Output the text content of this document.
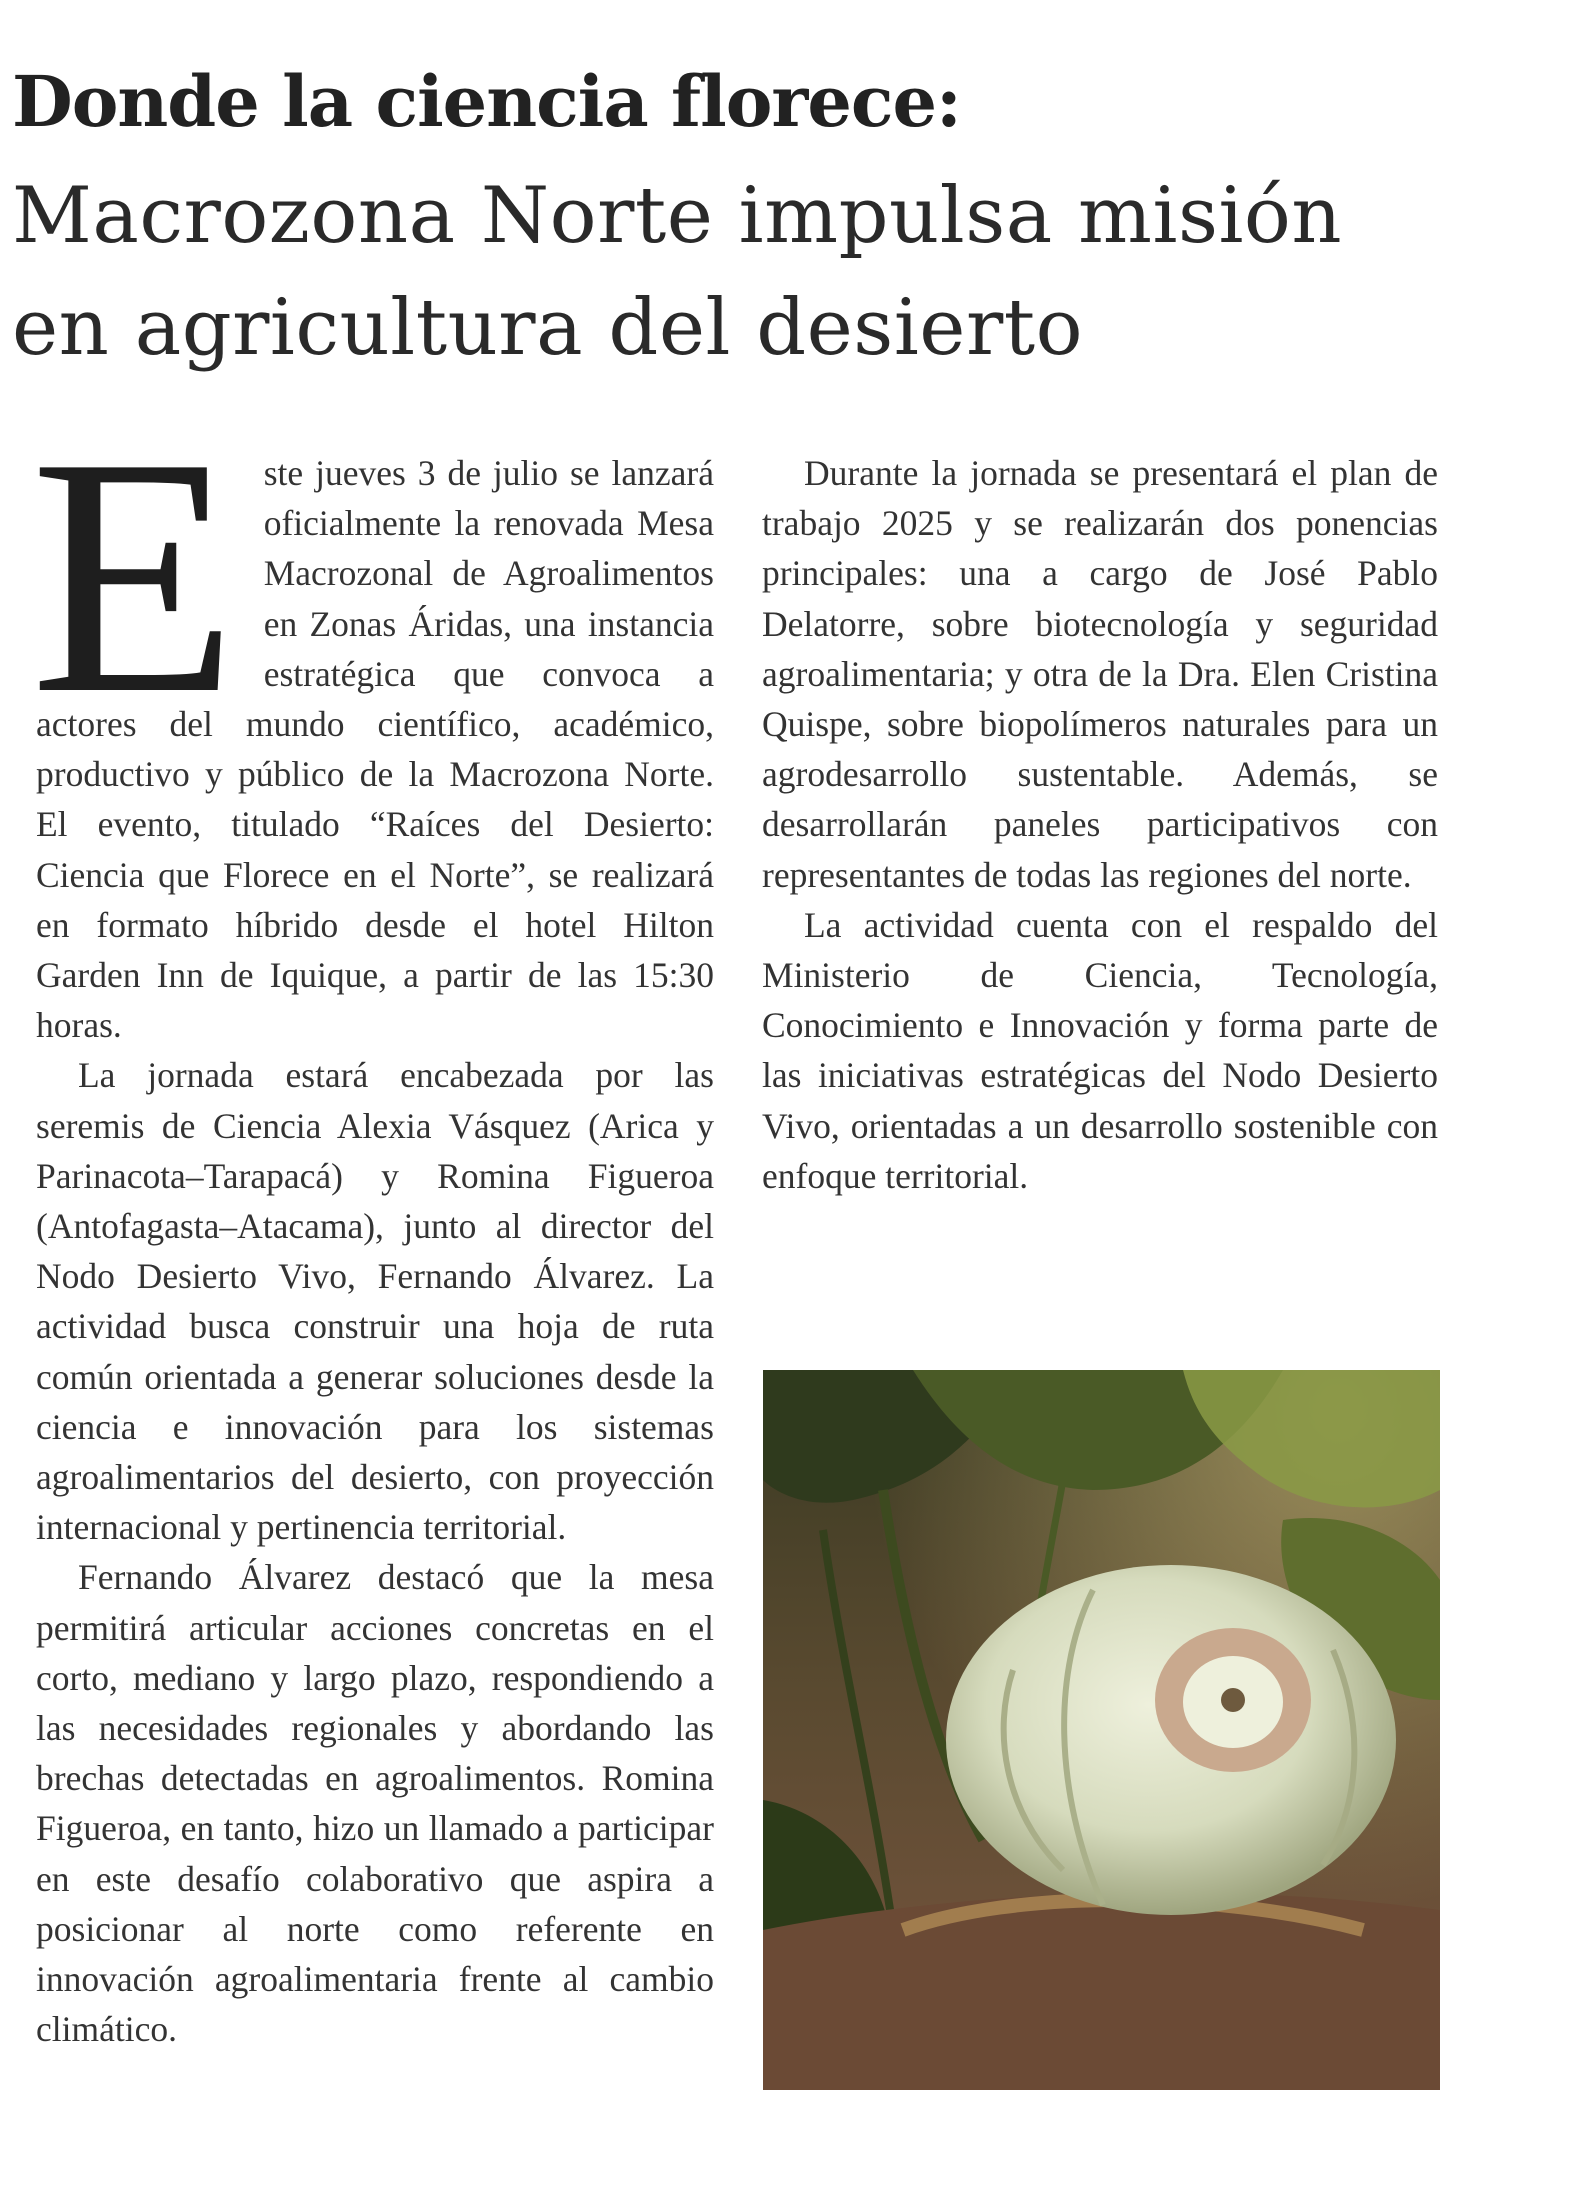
Donde la ciencia florece:
Macrozona Norte impulsa misión
en agricultura del desierto

Este jueves 3 de julio se lanzará oficialmente la renovada Mesa Macrozonal de Agroalimentos en Zonas Áridas, una instancia estratégica que convoca a actores del mundo científico, académico, productivo y público de la Macrozona Norte. El evento, titulado “Raíces del Desierto: Ciencia que Florece en el Norte”, se realizará en formato híbrido desde el hotel Hilton Garden Inn de Iquique, a partir de las 15:30 horas.

La jornada estará encabezada por las seremis de Ciencia Alexia Vásquez (Arica y Parinacota–Tarapacá) y Romina Figueroa (Antofagasta–Atacama), junto al director del Nodo Desierto Vivo, Fernando Álvarez. La actividad busca construir una hoja de ruta común orientada a generar soluciones desde la ciencia e innovación para los sistemas agroalimentarios del desierto, con proyección internacional y pertinencia territorial.

Fernando Álvarez destacó que la mesa permitirá articular acciones concretas en el corto, mediano y largo plazo, respondiendo a las necesidades regionales y abordando las brechas detectadas en agroalimentos. Romina Figueroa, en tanto, hizo un llamado a participar en este desafío colaborativo que aspira a posicionar al norte como referente en innovación agroalimentaria frente al cambio climático.

Durante la jornada se presentará el plan de trabajo 2025 y se realizarán dos ponencias principales: una a cargo de José Pablo Delatorre, sobre biotecnología y seguridad agroalimentaria; y otra de la Dra. Elen Cristina Quispe, sobre biopolímeros naturales para un agrodesarrollo sustentable. Además, se desarrollarán paneles participativos con representantes de todas las regiones del norte.

La actividad cuenta con el respaldo del Ministerio de Ciencia, Tecnología, Conocimiento e Innovación y forma parte de las iniciativas estratégicas del Nodo Desierto Vivo, orientadas a un desarrollo sostenible con enfoque territorial.
